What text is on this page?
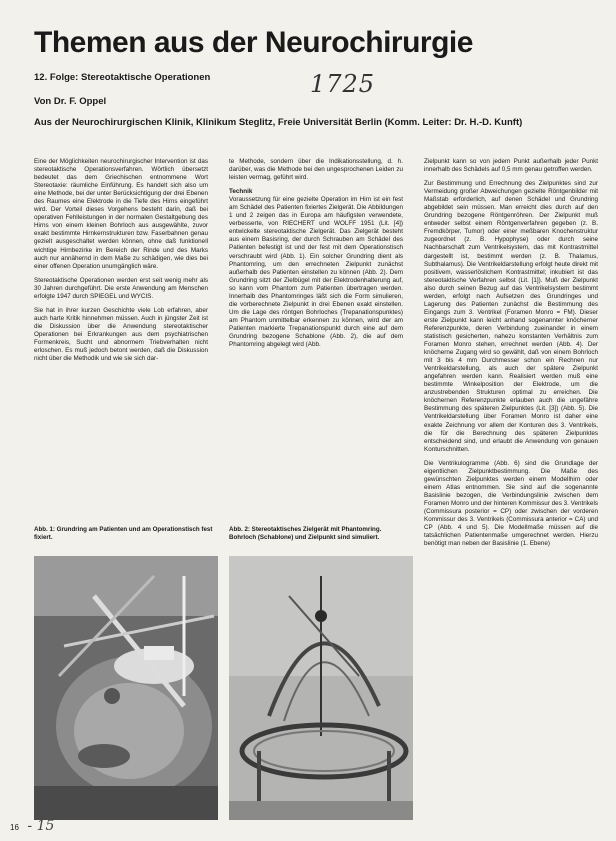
Themen aus der Neurochirurgie
1725
12. Folge: Stereotaktische Operationen
Von Dr. F. Oppel
Aus der Neurochirurgischen Klinik, Klinikum Steglitz, Freie Universität Berlin (Komm. Leiter: Dr. H.-D. Kunft)

Eine der Möglichkeiten neurochirurgischer Intervention ist das stereotaktische Operationsverfahren. Wörtlich übersetzt bedeutet das dem Griechischen entnommene Wort Stereotaxie: räumliche Einführung. Es handelt sich also um eine Methode, bei der unter Berücksichtigung der drei Ebenen des Raumes eine Elektrode in die Tiefe des Hirns eingeführt wird. Der Vorteil dieses Vorgehens besteht darin, daß bei operativen Fehlleistungen in der normalen Gestaltgebung des Hirns von einem kleinen Bohrloch aus ausgewählte, zuvor exakt bestimmte Hirnkernstrukturen bzw. Faserbahnen genau gezielt ausgeschaltet werden können, ohne daß funktionell wichtige Hirnbezirke im Bereich der Rinde und des Marks auch nur annähernd in dem Maße zu schädigen, wie dies bei einer offenen Operation unumgänglich wäre.

Stereotaktische Operationen werden erst seit wenig mehr als 30 Jahren durchgeführt. Die erste Anwendung am Menschen erfolgte 1947 durch SPIEGEL und WYCIS.

Sie hat in ihrer kurzen Geschichte viele Lob erfahren, aber auch harte Kritik hinnehmen müssen. Auch in jüngster Zeit ist die Diskussion über die Anwendung stereotaktischer Operationen bei Erkrankungen aus dem psychiatrischen Formenkreis, Sucht und abnormem Triebverhalten nicht erloschen. Es muß jedoch betont werden, daß die Diskussion nicht über die Methodik und wie sie sich dar-

te Methode, sondern über die Indikationsstellung, d. h. darüber, was die Methode bei den ungesprochenen Leiden zu leisten vermag, geführt wird.

Technik

Voraussetzung für eine gezielte Operation im Hirn ist ein fest am Schädel des Patienten fixiertes Zielgerät. Die Abbildungen 1 und 2 zeigen das in Europa am häufigsten verwendete, verbesserte, von RIECHERT und WOLFF 1951 (Lit. [4]) entwickelte stereotaktische Zielgerät. Das Zielgerät besteht aus einem Basisring, der durch Schrauben am Schädel des Patienten befestigt ist und der fest mit dem Operationstisch verschraubt wird (Abb. 1). Ein solcher Grundring dient als Phantomring, um den errechneten Zielpunkt zunächst außerhalb des Patienten einstellen zu können (Abb. 2). Dem Grundring sitzt der Zielbügel mit der Elektrodenhalterung auf, so kann vom Phantom zum Patienten übertragen werden. Innerhalb des Phantomringes läßt sich die Form simulieren, die vorberechnete Zielpunkt in drei Ebenen exakt einstellen. Um die Lage des röntgen Bohrloches (Trepanationspunktes) am Phantom unmittelbar erkennen zu können, wird der am Patienten markierte Trepanationspunkt durch eine auf dem Grundring bezogene Schablone (Abb. 2), die auf dem Phantomring abgelegt wird (Abb.

Zielpunkt kann so von jedem Punkt außerhalb jeder Punkt innerhalb des Schädels auf 0,5 mm genau getroffen werden.

Zur Bestimmung und Errechnung des Zielpunktes sind zur Vermeidung großer Abweichungen gezielte Röntgenbilder mit Maßstab erforderlich, auf denen Schädel und Grundring abgebildet sein müssen. Man erreicht dies durch auf den Grundring bezogene Röntgenröhren. Der Zielpunkt muß entweder selbst einem Röntgenverfahren gegeben (z. B. Fremdkörper, Tumor) oder einer meßbaren Knochenstruktur zugeordnet (z. B. Hypophyse) oder durch seine Nachbarschaft zum Ventrikelsystem, das mit Kontrastmittel dargestellt ist, bestimmt werden (z. B. Thalamus, Subthalamus). Die Ventrikeldarstellung erfolgt heute direkt mit positivem, wasserlöslichem Kontrastmittel; inkubiert ist das stereotaktische Verfahren selbst (Lit. [1]). Muß der Zielpunkt also durch seinen Bezug auf das Ventrikelsystem bestimmt werden, erfolgt nach Aufsetzen des Grundringes und Lagerung des Patienten zunächst die Bestimmung des Eingangs zum 3. Ventrikel (Foramen Monro = FM). Dieser erste Zielpunkt kann leicht anhand sogenannter knöcherner Referenzpunkte, deren Verbindung zueinander in einem statistisch gesicherten, nahezu konstanten Verhältnis zum Foramen Monro stehen, errechnet werden (Abb. 4). Der knöcherne Zugang wird so gewählt, daß von einem Bohrloch mit 3 bis 4 mm Durchmesser schon ein Rechnen nur Ventrikeldarstellung, als auch der spätere Zielpunkt angefahren werden kann. Realisiert werden muß eine bestimmte Winkelposition der Elektrode, um die anzustrebenden Strukturen optimal zu erreichen. Die knöchernen Referenzpunkte erlauben auch die ungefähre Bestimmung des späteren Zielpunktes (Lit. [3]) (Abb. 5). Die Ventrikeldarstellung über Foramen Monro ist daher eine exakte Zeichnung vor allem der Konturen des 3. Ventrikels, die für die Berechnung des späteren Zielpunktes entscheidend sind, und erlaubt die Anwendung von genauen Konturschnitten.

Die Ventrikulogramme (Abb. 6) sind die Grundlage der eigentlichen Zielpunktbestimmung. Die Maße des gewünschten Zielpunktes werden einem Modellhirn oder einem Atlas entnommen. Sie sind auf die sogenannte Basislinie bezogen, die Verbindungslinie zwischen dem Foramen Monro und der hinteren Kommissur des 3. Ventrikels (Commissura posterior = CP) oder zwischen der vorderen Kommissur des 3. Ventrikels (Commissura anterior = CA) und CP (Abb. 4 und 5). Die Modellmaße müssen auf die tatsächlichen Patientenmaße umgerechnet werden. Hierzu benötigt man neben der Basislinie (1. Ebene)

Abb. 1: Grundring am Patienten und am Operationstisch fest fixiert.
Abb. 2: Stereotaktisches Zielgerät mit Phantomring. Bohrloch (Schablone) und Zielpunkt sind simuliert.
16 - 15
